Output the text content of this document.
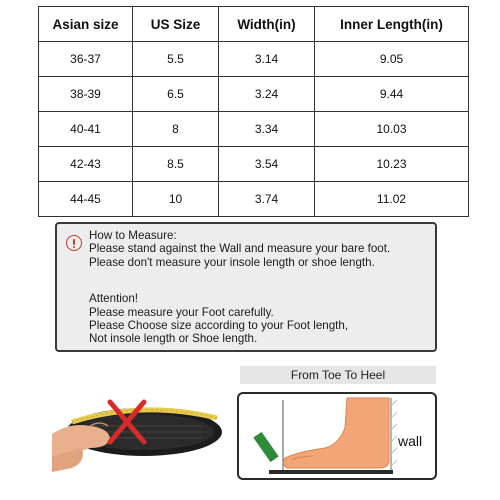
Asian size	US Size	Width(in)	Inner Length(in)
36-37	5.5	3.14	9.05
38-39	6.5	3.24	9.44
40-41	8	3.34	10.03
42-43	8.5	3.54	10.23
44-45	10	3.74	11.02
How to Measure:
Please stand against the Wall and measure your bare foot.
Please don't measure your insole length or shoe length.
Attention!
Please measure your Foot carefully.
Please Choose size according to your Foot length,
Not insole length or Shoe length.
From Toe To Heel
wall
